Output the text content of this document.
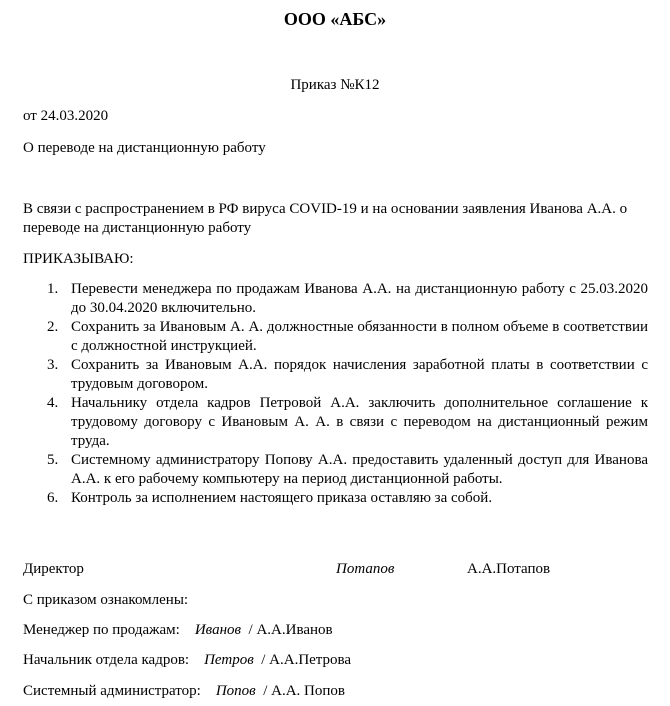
ООО «АБС»
Приказ №К12
от 24.03.2020
О переводе на дистанционную работу
В связи с распространением в РФ вируса COVID-19 и на основании заявления Иванова А.А. о переводе на дистанционную работу
ПРИКАЗЫВАЮ:
1. Перевести менеджера по продажам Иванова А.А. на дистанционную работу с 25.03.2020 до 30.04.2020 включительно.
2. Сохранить за Ивановым А. А. должностные обязанности в полном объеме в соответствии с должностной инструкцией.
3. Сохранить за Ивановым А.А. порядок начисления заработной платы в соответствии с трудовым договором.
4. Начальнику отдела кадров Петровой А.А. заключить дополнительное соглашение к трудовому договору с Ивановым А. А. в связи с переводом на дистанционный режим труда.
5. Системному администратору Попову А.А. предоставить удаленный доступ для Иванова А.А. к его рабочему компьютеру на период дистанционной работы.
6. Контроль за исполнением настоящего приказа оставляю за собой.
Директор	Потапов	А.А.Потапов
С приказом ознакомлены:
Менеджер по продажам: Иванов / А.А.Иванов
Начальник отдела кадров: Петров / А.А.Петрова
Системный администратор: Попов / А.А. Попов
